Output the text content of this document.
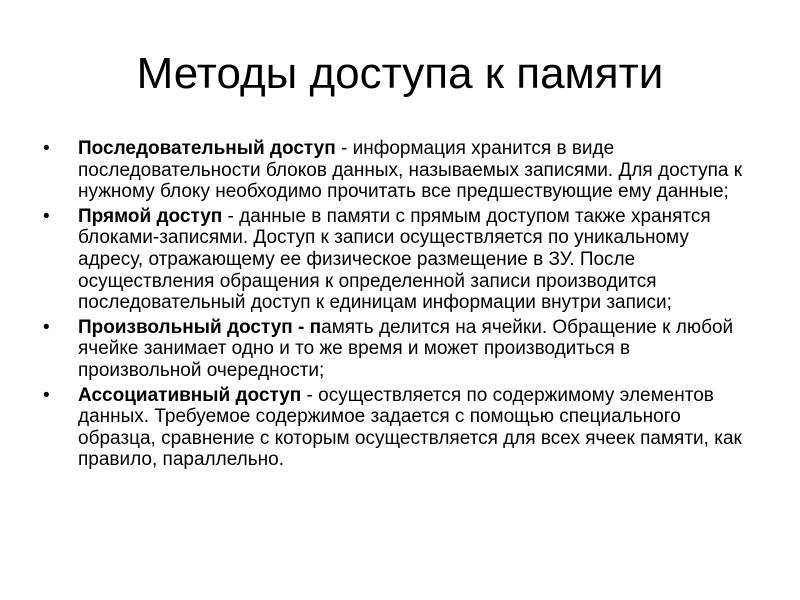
Методы доступа к памяти
• Последовательный доступ - информация хранится в виде последовательности блоков данных, называемых записями. Для доступа к нужному блоку необходимо прочитать все предшествующие ему данные;
• Прямой доступ - данные в памяти с прямым доступом также хранятся блоками-записями. Доступ к записи осуществляется по уникальному адресу, отражающему ее физическое размещение в ЗУ. После осуществления обращения к определенной записи производится последовательный доступ к единицам информации внутри записи;
• Произвольный доступ - память делится на ячейки. Обращение к любой ячейке занимает одно и то же время и может производиться в произвольной очередности;
• Ассоциативный доступ - осуществляется по содержимому элементов данных. Требуемое содержимое задается с помощью специального образца, сравнение с которым осуществляется для всех ячеек памяти, как правило, параллельно.
